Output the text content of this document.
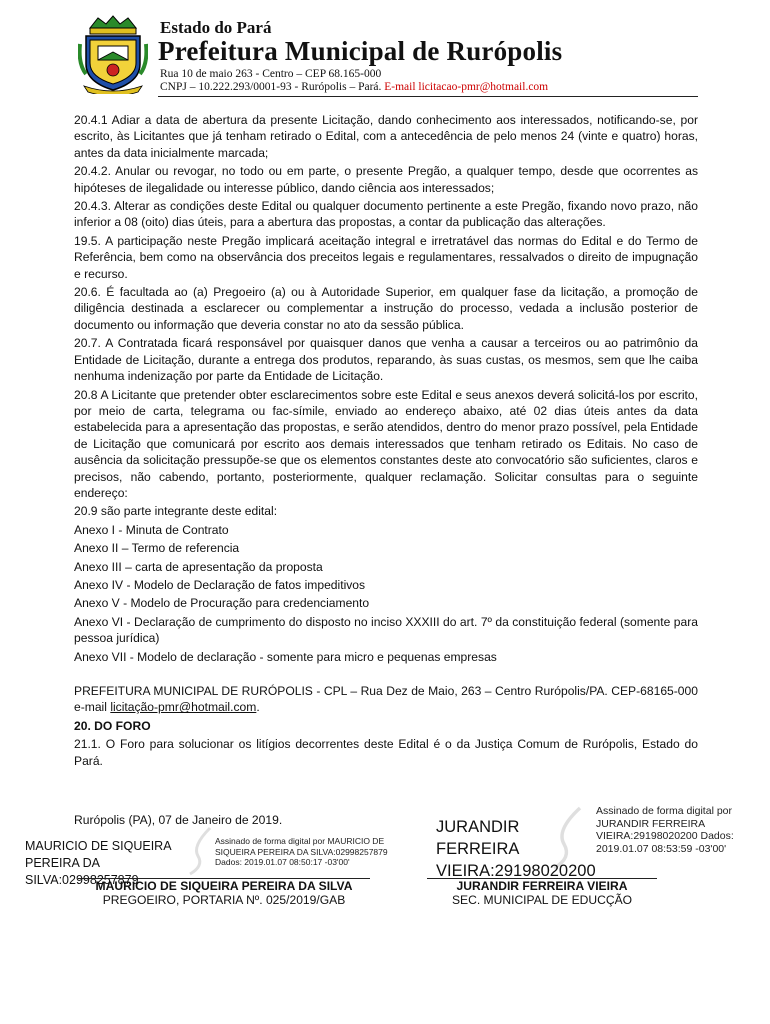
Estado do Pará
Prefeitura Municipal de Rurópolis
Rua 10 de maio 263 - Centro – CEP 68.165-000
CNPJ – 10.222.293/0001-93 - Rurópolis – Pará. E-mail licitacao-pmr@hotmail.com

20.4.1 Adiar a data de abertura da presente Licitação, dando conhecimento aos interessados, notificando-se, por escrito, às Licitantes que já tenham retirado o Edital, com a antecedência de pelo menos 24 (vinte e quatro) horas, antes da data inicialmente marcada;

20.4.2. Anular ou revogar, no todo ou em parte, o presente Pregão, a qualquer tempo, desde que ocorrentes as hipóteses de ilegalidade ou interesse público, dando ciência aos interessados;

20.4.3. Alterar as condições deste Edital ou qualquer documento pertinente a este Pregão, fixando novo prazo, não inferior a 08 (oito) dias úteis, para a abertura das propostas, a contar da publicação das alterações.

19.5. A participação neste Pregão implicará aceitação integral e irretratável das normas do Edital e do Termo de Referência, bem como na observância dos preceitos legais e regulamentares, ressalvados o direito de impugnação e recurso.

20.6. É facultada ao (a) Pregoeiro (a) ou à Autoridade Superior, em qualquer fase da licitação, a promoção de diligência destinada a esclarecer ou complementar a instrução do processo, vedada a inclusão posterior de documento ou informação que deveria constar no ato da sessão pública.

20.7. A Contratada ficará responsável por quaisquer danos que venha a causar a terceiros ou ao patrimônio da Entidade de Licitação, durante a entrega dos produtos, reparando, às suas custas, os mesmos, sem que lhe caiba nenhuma indenização por parte da Entidade de Licitação.

20.8 A Licitante que pretender obter esclarecimentos sobre este Edital e seus anexos deverá solicitá-los por escrito, por meio de carta, telegrama ou fac-símile, enviado ao endereço abaixo, até 02 dias úteis antes da data estabelecida para a apresentação das propostas, e serão atendidos, dentro do menor prazo possível, pela Entidade de Licitação que comunicará por escrito aos demais interessados que tenham retirado os Editais. No caso de ausência da solicitação pressupõe-se que os elementos constantes deste ato convocatório são suficientes, claros e precisos, não cabendo, portanto, posteriormente, qualquer reclamação. Solicitar consultas para o seguinte endereço:

20.9 são parte integrante deste edital:

Anexo I - Minuta de Contrato

Anexo II – Termo de referencia

Anexo III – carta de apresentação da proposta

Anexo IV - Modelo de Declaração de fatos impeditivos

Anexo V - Modelo de Procuração para credenciamento

Anexo VI - Declaração de cumprimento do disposto no inciso XXXIII do art. 7º da constituição federal (somente para pessoa jurídica)

Anexo VII - Modelo de declaração - somente para micro e pequenas empresas

PREFEITURA MUNICIPAL DE RURÓPOLIS - CPL – Rua Dez de Maio, 263 – Centro Rurópolis/PA. CEP-68165-000 e-mail licitação-pmr@hotmail.com.

20. DO FORO

21.1. O Foro para solucionar os litígios decorrentes deste Edital é o da Justiça Comum de Rurópolis, Estado do Pará.

Rurópolis (PA), 07 de Janeiro de 2019.
MAURICIO DE SIQUEIRA PEREIRA DA SILVA:02998257879
Assinado de forma digital por MAURICIO DE SIQUEIRA PEREIRA DA SILVA:02998257879 Dados: 2019.01.07 08:50:17 -03'00'
JURANDIR FERREIRA VIEIRA:29198020200
Assinado de forma digital por JURANDIR FERREIRA VIEIRA:29198020200 Dados: 2019.01.07 08:53:59 -03'00'
MAURICIO DE SIQUEIRA PEREIRA DA SILVA
PREGOEIRO, PORTARIA Nº. 025/2019/GAB
JURANDIR FERREIRA VIEIRA
SEC. MUNICIPAL DE EDUCÇÃO
